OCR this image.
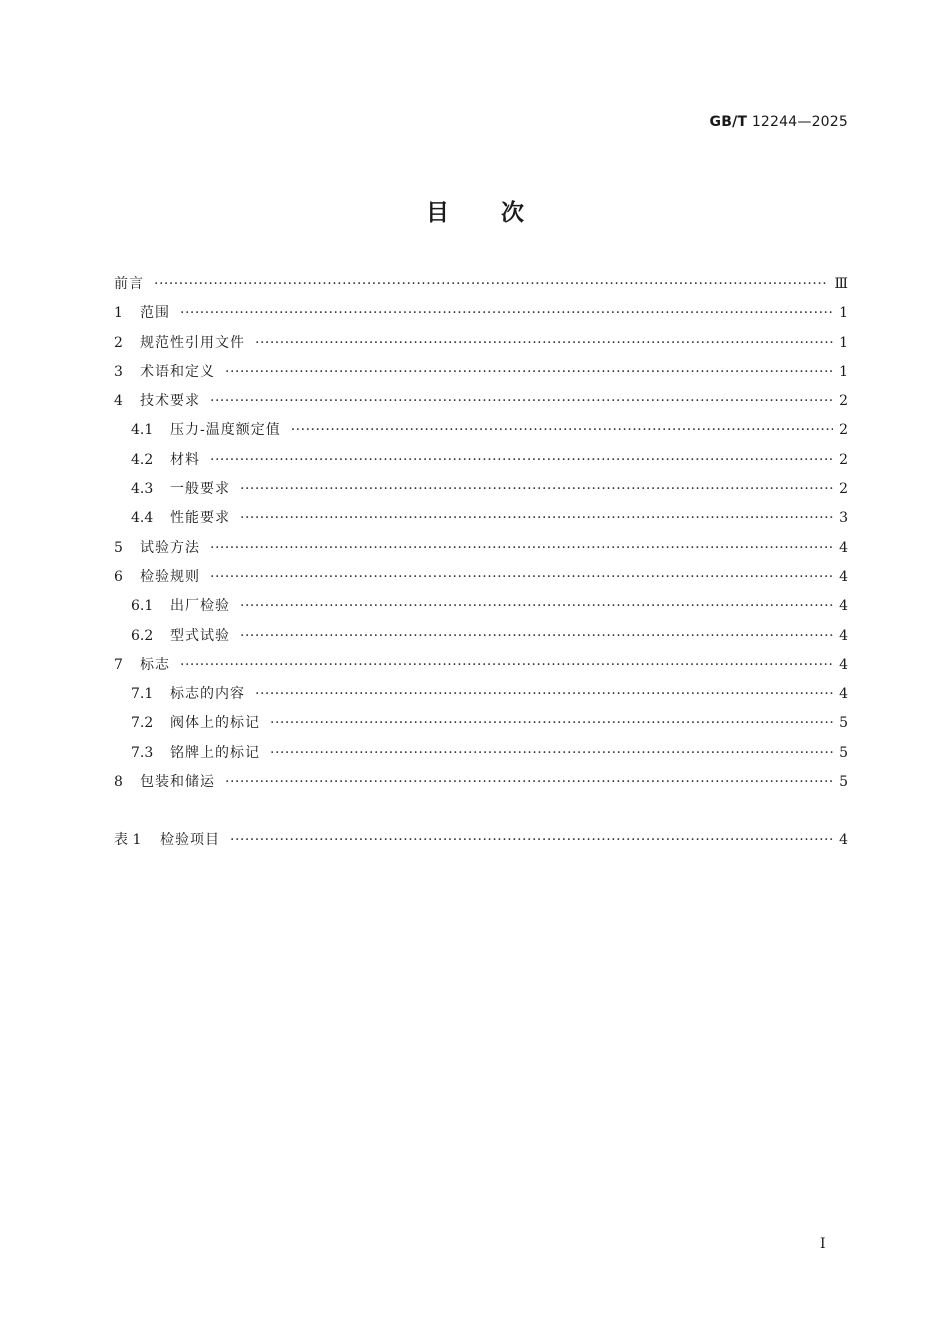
GB/T 12244—2025
目次
前言 ·····	Ⅲ
1	范围 ·····	1
2	规范性引用文件 ·····	1
3	术语和定义 ·····	1
4	技术要求 ·····	2
4.1	压力-温度额定值 ·····	2
4.2	材料 ·····	2
4.3	一般要求 ·····	2
4.4	性能要求 ·····	3
5	试验方法 ·····	4
6	检验规则 ·····	4
6.1	出厂检验 ·····	4
6.2	型式试验 ·····	4
7	标志 ·····	4
7.1	标志的内容 ·····	4
7.2	阀体上的标记 ·····	5
7.3	铭牌上的标记 ·····	5
8	包装和储运 ·····	5
表 1	检验项目 ·····	4
I
